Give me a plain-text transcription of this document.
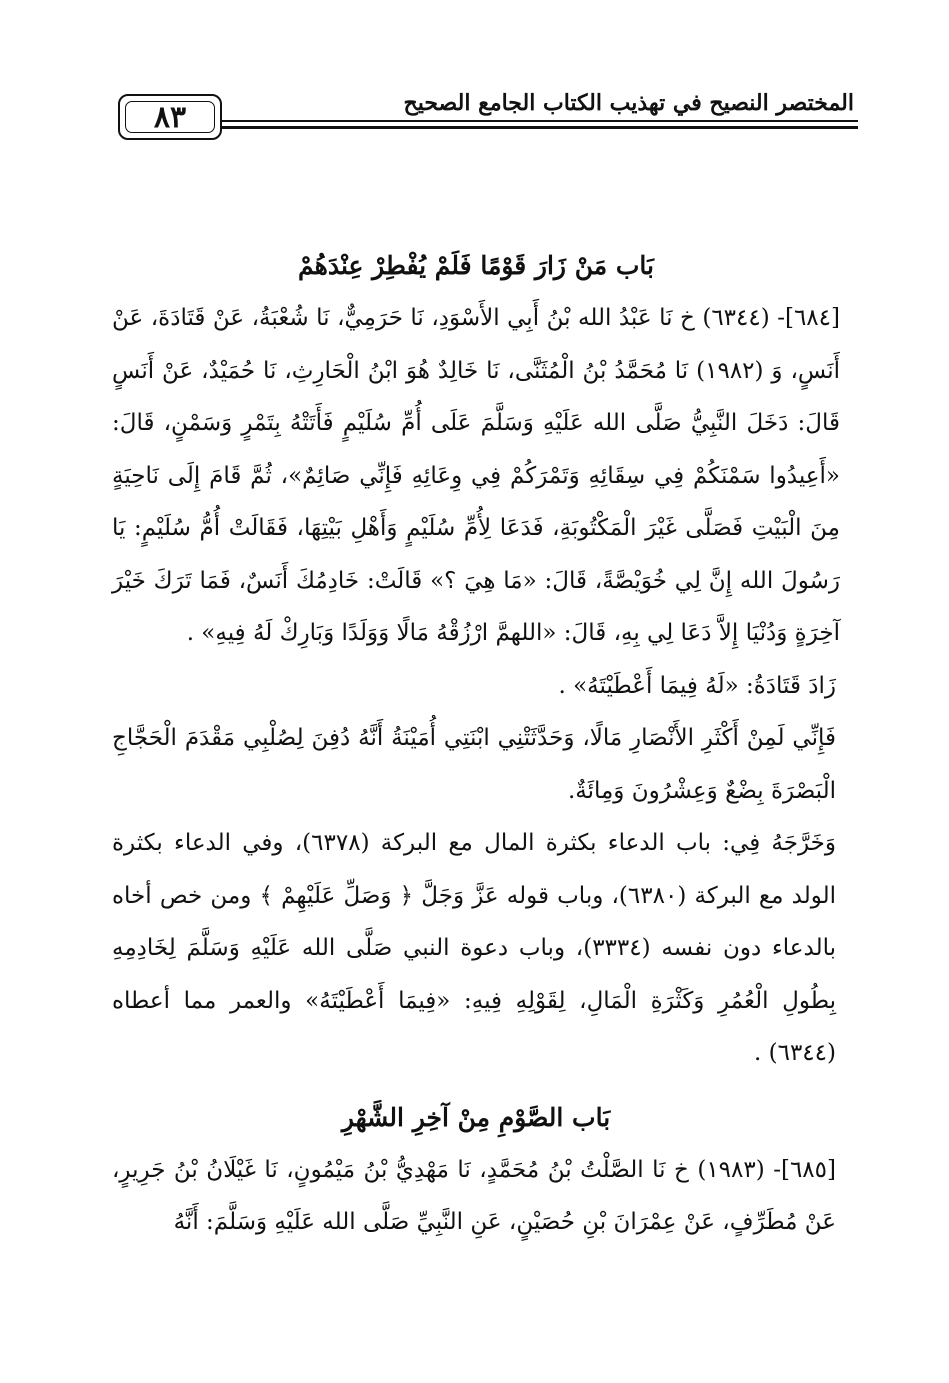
٨٣	المختصر النصيح في تهذيب الكتاب الجامع الصحيح

بَاب مَنْ زَارَ قَوْمًا فَلَمْ يُفْطِرْ عِنْدَهُمْ

[٦٨٤]- (٦٣٤٤) خ نَا عَبْدُ الله بْنُ أَبِي الأَسْوَدِ، نَا حَرَمِيٌّ، نَا شُعْبَةُ، عَنْ قَتَادَةَ، عَنْ أَنَسٍ، وَ (١٩٨٢) نَا مُحَمَّدُ بْنُ الْمُثَنَّى، نَا خَالِدٌ هُوَ ابْنُ الْحَارِثِ، نَا حُمَيْدٌ، عَنْ أَنَسٍ قَالَ: دَخَلَ النَّبِيُّ صَلَّى الله عَلَيْهِ وَسَلَّمَ عَلَى أُمِّ سُلَيْمٍ فَأَتَتْهُ بِتَمْرٍ وَسَمْنٍ، قَالَ: «أَعِيدُوا سَمْنَكُمْ فِي سِقَائِهِ وَتَمْرَكُمْ فِي وِعَائِهِ فَإِنِّي صَائِمٌ»، ثُمَّ قَامَ إِلَى نَاحِيَةٍ مِنَ الْبَيْتِ فَصَلَّى غَيْرَ الْمَكْتُوبَةِ، فَدَعَا لِأُمِّ سُلَيْمٍ وَأَهْلِ بَيْتِهَا، فَقَالَتْ أُمُّ سُلَيْمٍ: يَا رَسُولَ الله إِنَّ لِي خُوَيْصَّةً، قَالَ: «مَا هِيَ ؟» قَالَتْ: خَادِمُكَ أَنَسٌ، فَمَا تَرَكَ خَيْرَ آخِرَةٍ وَدُنْيَا إِلاَّ دَعَا لِي بِهِ، قَالَ: «اللهمَّ ارْزُقْهُ مَالًا وَوَلَدًا وَبَارِكْ لَهُ فِيهِ» .

زَادَ قَتَادَةُ: «لَهُ فِيمَا أَعْطَيْتَهُ» .

فَإِنِّي لَمِنْ أَكْثَرِ الأَنْصَارِ مَالًا، وَحَدَّثَتْنِي ابْنَتِي أُمَيْنَةُ أَنَّهُ دُفِنَ لِصُلْبِي مَقْدَمَ الْحَجَّاجِ الْبَصْرَةَ بِضْعٌ وَعِشْرُونَ وَمِائَةٌ.

وَخَرَّجَهُ فِي: باب الدعاء بكثرة المال مع البركة (٦٣٧٨)، وفي الدعاء بكثرة الولد مع البركة (٦٣٨٠)، وباب قوله عَزَّ وَجَلَّ ﴿ وَصَلِّ عَلَيْهِمْ ﴾ ومن خص أخاه بالدعاء دون نفسه (٣٣٣٤)، وباب دعوة النبي صَلَّى الله عَلَيْهِ وَسَلَّمَ لِخَادِمِهِ بِطُولِ الْعُمُرِ وَكَثْرَةِ الْمَالِ، لِقَوْلِهِ فِيهِ: «فِيمَا أَعْطَيْتَهُ» والعمر مما أعطاه (٦٣٤٤) .

بَاب الصَّوْمِ مِنْ آخِرِ الشَّهْرِ

[٦٨٥]- (١٩٨٣) خ نَا الصَّلْتُ بْنُ مُحَمَّدٍ، نَا مَهْدِيُّ بْنُ مَيْمُونٍ، نَا غَيْلَانُ بْنُ جَرِيرٍ، عَنْ مُطَرِّفٍ، عَنْ عِمْرَانَ بْنِ حُصَيْنٍ، عَنِ النَّبِيِّ صَلَّى الله عَلَيْهِ وَسَلَّمَ: أَنَّهُ
